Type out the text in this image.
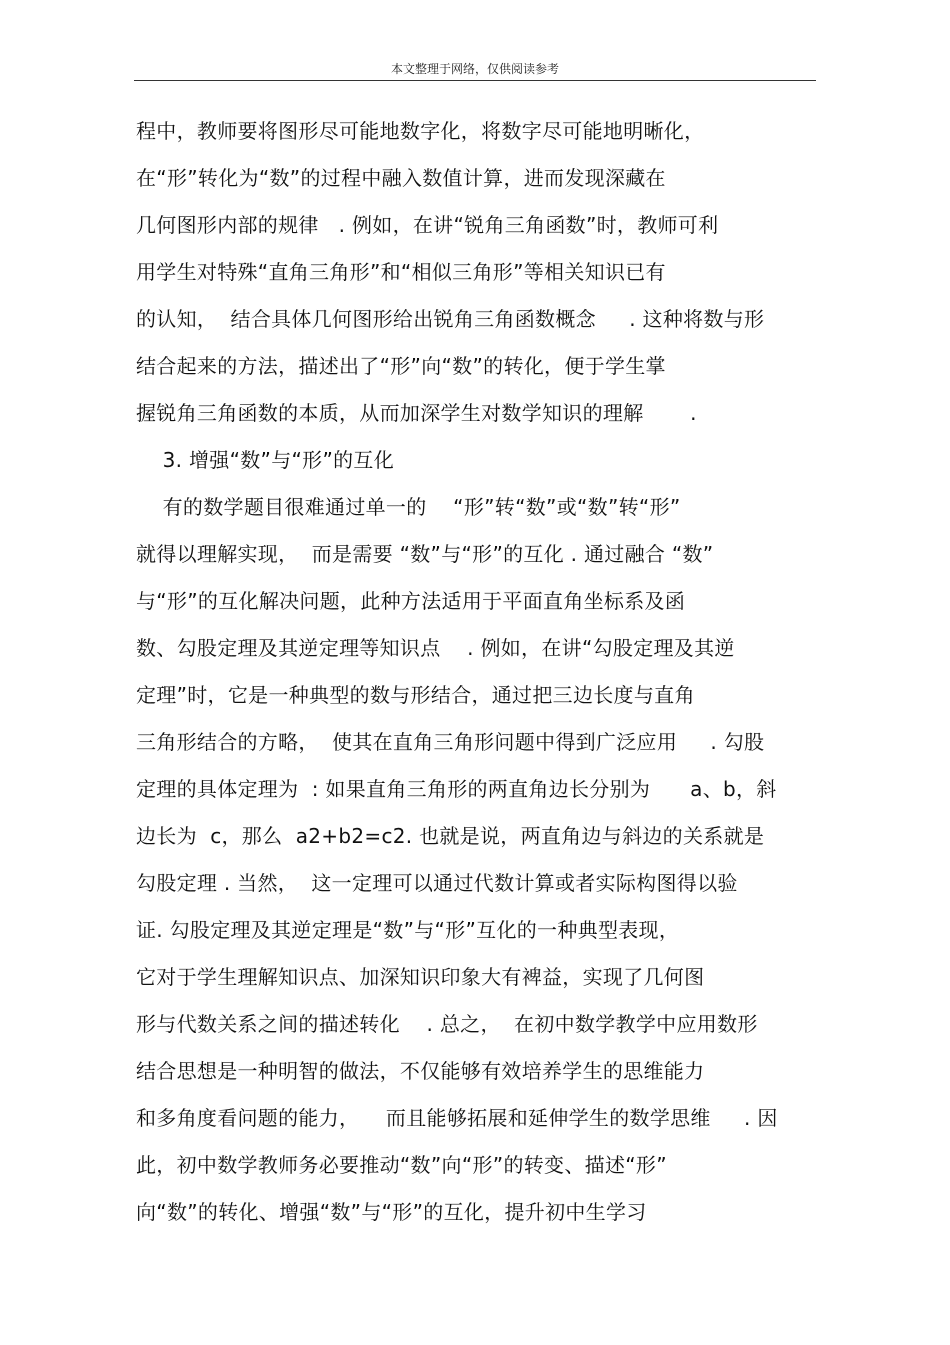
本文整理于网络，仅供阅读参考
程中，教师要将图形尽可能地数字化，将数字尽可能地明晰化，
在“形”转化为“数”的过程中融入数值计算，进而发现深藏在
几何图形内部的规律   . 例如，在讲“锐角三角函数”时，教师可利
用学生对特殊“直角三角形”和“相似三角形”等相关知识已有
的认知，  结合具体几何图形给出锐角三角函数概念     . 这种将数与形
结合起来的方法，描述出了“形”向“数”的转化，便于学生掌
握锐角三角函数的本质，从而加深学生对数学知识的理解       .
3. 增强“数”与“形”的互化
有的数学题目很难通过单一的    “形”转“数”或“数”转“形”
就得以理解实现，  而是需要 “数”与“形”的互化 . 通过融合 “数”
与“形”的互化解决问题，此种方法适用于平面直角坐标系及函
数、勾股定理及其逆定理等知识点    . 例如，在讲“勾股定理及其逆
定理”时，它是一种典型的数与形结合，通过把三边长度与直角
三角形结合的方略，  使其在直角三角形问题中得到广泛应用     . 勾股
定理的具体定理为  : 如果直角三角形的两直角边长分别为      a、b，斜
边长为  c，那么  a2+b2=c2. 也就是说，两直角边与斜边的关系就是
勾股定理 . 当然，  这一定理可以通过代数计算或者实际构图得以验
证. 勾股定理及其逆定理是“数”与“形”互化的一种典型表现，
它对于学生理解知识点、加深知识印象大有裨益，实现了几何图
形与代数关系之间的描述转化    . 总之，  在初中数学教学中应用数形
结合思想是一种明智的做法，不仅能够有效培养学生的思维能力
和多角度看问题的能力，    而且能够拓展和延伸学生的数学思维     . 因
此，初中数学教师务必要推动“数”向“形”的转变、描述“形”
向“数”的转化、增强“数”与“形”的互化，提升初中生学习
